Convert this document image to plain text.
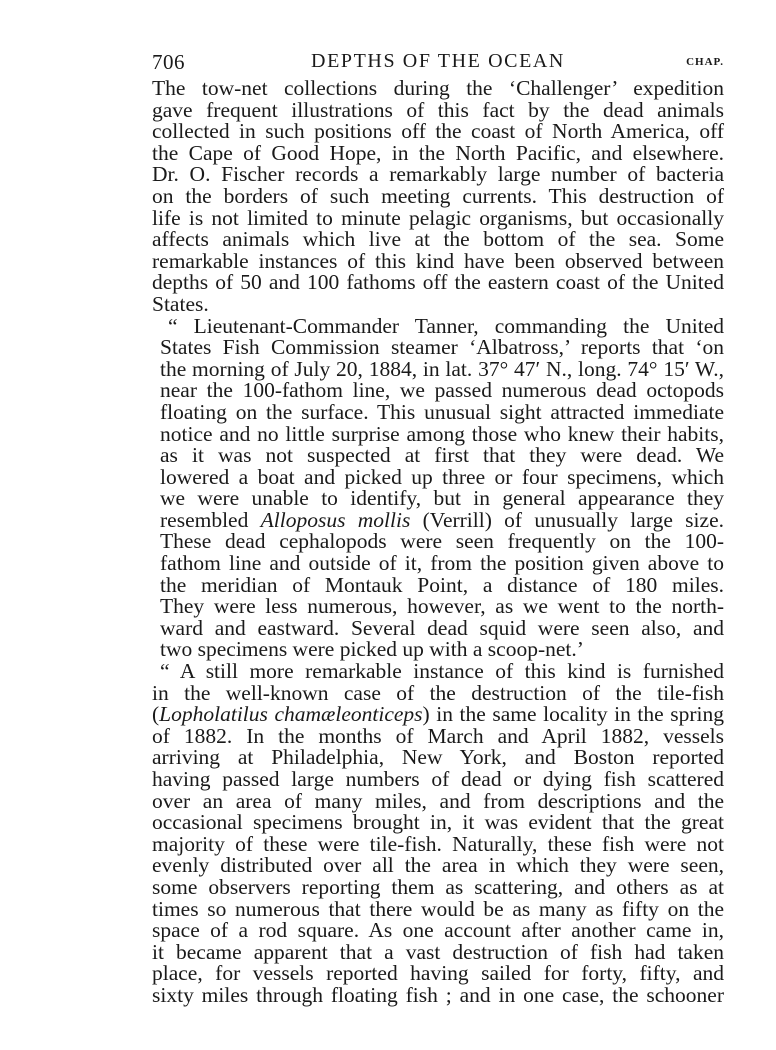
706	DEPTHS OF THE OCEAN	CHAP.

The tow-net collections during the ‘Challenger’ expedition
gave frequent illustrations of this fact by the dead animals
collected in such positions off the coast of North America, off
the Cape of Good Hope, in the North Pacific, and elsewhere.
Dr. O. Fischer records a remarkably large number of bacteria
on the borders of such meeting currents. This destruction of
life is not limited to minute pelagic organisms, but occasionally
affects animals which live at the bottom of the sea. Some
remarkable instances of this kind have been observed between
depths of 50 and 100 fathoms off the eastern coast of the United
States.

“ Lieutenant-Commander Tanner, commanding the United
States Fish Commission steamer ‘Albatross,’ reports that ‘on
the morning of July 20, 1884, in lat. 37° 47′ N., long. 74° 15′ W.,
near the 100-fathom line, we passed numerous dead octopods
floating on the surface. This unusual sight attracted immediate
notice and no little surprise among those who knew their habits,
as it was not suspected at first that they were dead. We
lowered a boat and picked up three or four specimens, which
we were unable to identify, but in general appearance they
resembled Alloposus mollis (Verrill) of unusually large size.
These dead cephalopods were seen frequently on the 100-
fathom line and outside of it, from the position given above to
the meridian of Montauk Point, a distance of 180 miles.
They were less numerous, however, as we went to the north-
ward and eastward. Several dead squid were seen also, and
two specimens were picked up with a scoop-net.’

“ A still more remarkable instance of this kind is furnished
in the well-known case of the destruction of the tile-fish
(Lopholatilus chamæleonticeps) in the same locality in the spring
of 1882. In the months of March and April 1882, vessels
arriving at Philadelphia, New York, and Boston reported
having passed large numbers of dead or dying fish scattered
over an area of many miles, and from descriptions and the
occasional specimens brought in, it was evident that the great
majority of these were tile-fish. Naturally, these fish were not
evenly distributed over all the area in which they were seen,
some observers reporting them as scattering, and others as at
times so numerous that there would be as many as fifty on the
space of a rod square. As one account after another came in,
it became apparent that a vast destruction of fish had taken
place, for vessels reported having sailed for forty, fifty, and
sixty miles through floating fish ; and in one case, the schooner
